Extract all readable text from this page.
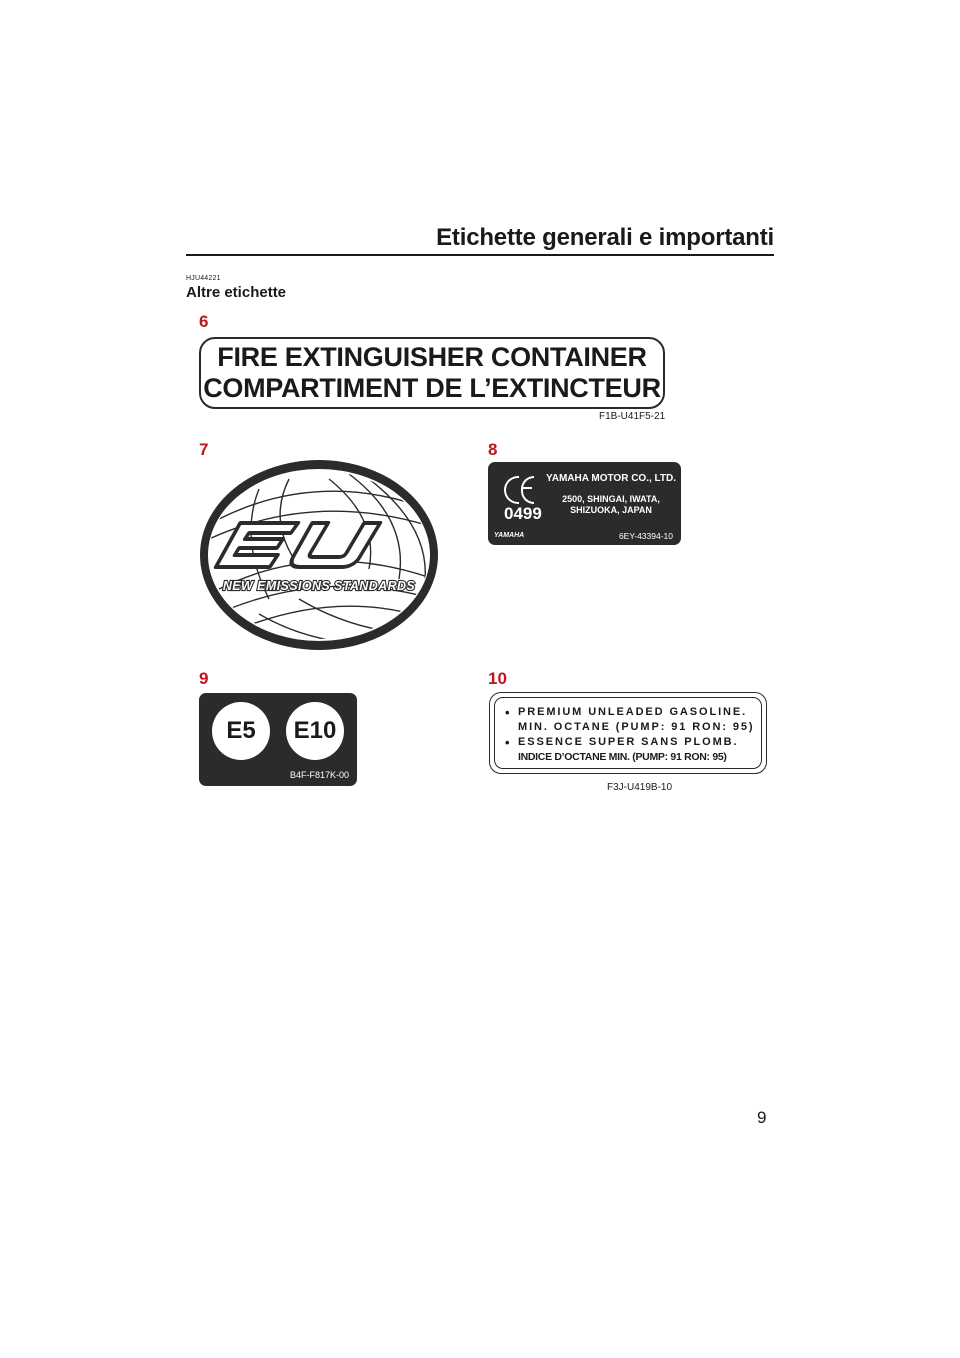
Etichette generali e importanti
HJU44221
Altre etichette
6
FIRE EXTINGUISHER CONTAINER
COMPARTIMENT DE L’EXTINCTEUR
F1B-U41F5-21
7
NEW EMISSIONS STANDARDS
8
0499
YAMAHA MOTOR CO., LTD.
2500, SHINGAI, IWATA,
SHIZUOKA, JAPAN
YAMAHA	6EY-43394-10
9
E5	E10
B4F-F817K-00
10
• PREMIUM UNLEADED GASOLINE.
MIN. OCTANE (PUMP: 91 RON: 95)
• ESSENCE SUPER SANS PLOMB.
INDICE D’OCTANE MIN. (PUMP: 91 RON: 95)
F3J-U419B-10
9
